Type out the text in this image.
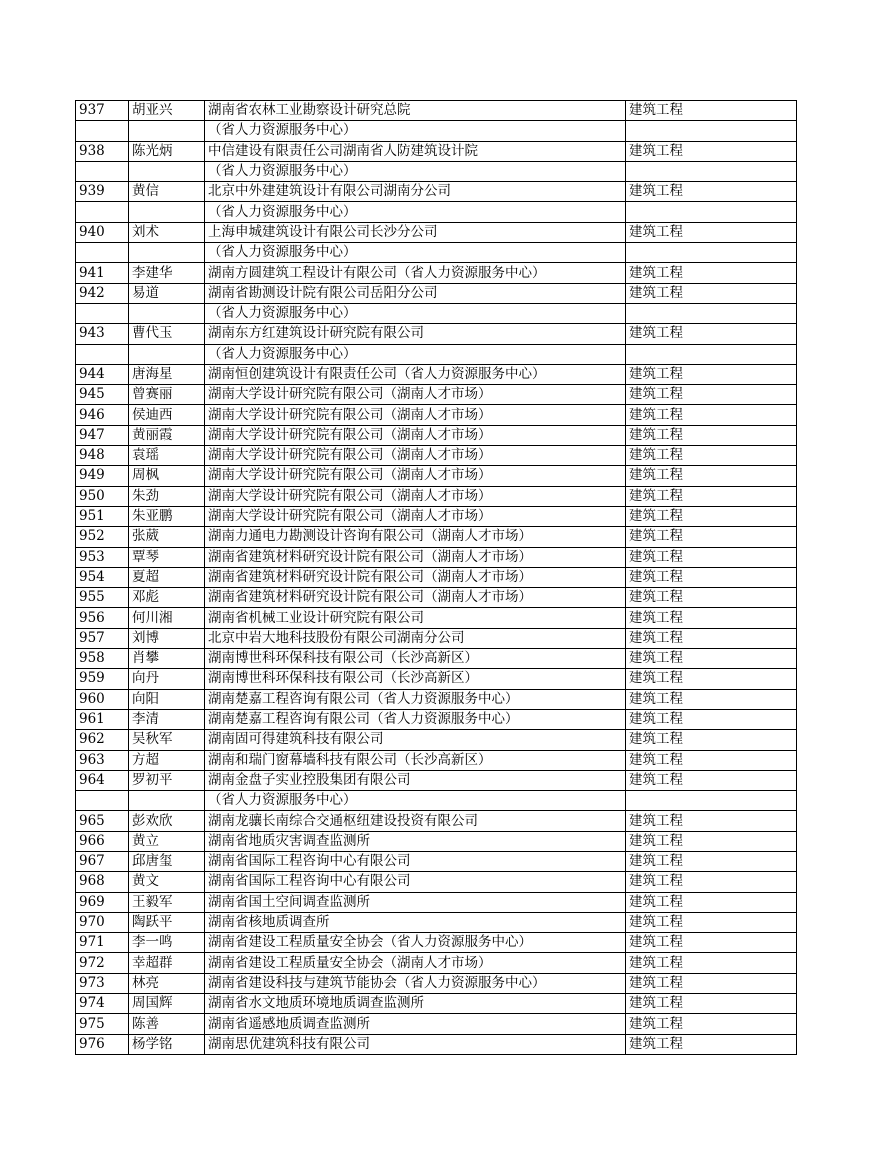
937	胡亚兴	湖南省农林工业勘察设计研究总院	建筑工程
		（省人力资源服务中心）	
938	陈光炳	中信建设有限责任公司湖南省人防建筑设计院	建筑工程
		（省人力资源服务中心）	
939	黄信	北京中外建建筑设计有限公司湖南分公司	建筑工程
		（省人力资源服务中心）	
940	刘术	上海申城建筑设计有限公司长沙分公司	建筑工程
		（省人力资源服务中心）	
941	李建华	湖南方圆建筑工程设计有限公司（省人力资源服务中心）	建筑工程
942	易道	湖南省勘测设计院有限公司岳阳分公司	建筑工程
		（省人力资源服务中心）	
943	曹代玉	湖南东方红建筑设计研究院有限公司	建筑工程
		（省人力资源服务中心）	
944	唐海星	湖南恒创建筑设计有限责任公司（省人力资源服务中心）	建筑工程
945	曾赛丽	湖南大学设计研究院有限公司（湖南人才市场）	建筑工程
946	侯迪西	湖南大学设计研究院有限公司（湖南人才市场）	建筑工程
947	黄丽霞	湖南大学设计研究院有限公司（湖南人才市场）	建筑工程
948	袁瑶	湖南大学设计研究院有限公司（湖南人才市场）	建筑工程
949	周枫	湖南大学设计研究院有限公司（湖南人才市场）	建筑工程
950	朱劲	湖南大学设计研究院有限公司（湖南人才市场）	建筑工程
951	朱亚鹏	湖南大学设计研究院有限公司（湖南人才市场）	建筑工程
952	张葳	湖南力通电力勘测设计咨询有限公司（湖南人才市场）	建筑工程
953	覃琴	湖南省建筑材料研究设计院有限公司（湖南人才市场）	建筑工程
954	夏超	湖南省建筑材料研究设计院有限公司（湖南人才市场）	建筑工程
955	邓彪	湖南省建筑材料研究设计院有限公司（湖南人才市场）	建筑工程
956	何川湘	湖南省机械工业设计研究院有限公司	建筑工程
957	刘博	北京中岩大地科技股份有限公司湖南分公司	建筑工程
958	肖攀	湖南博世科环保科技有限公司（长沙高新区）	建筑工程
959	向丹	湖南博世科环保科技有限公司（长沙高新区）	建筑工程
960	向阳	湖南楚嘉工程咨询有限公司（省人力资源服务中心）	建筑工程
961	李清	湖南楚嘉工程咨询有限公司（省人力资源服务中心）	建筑工程
962	吴秋军	湖南固可得建筑科技有限公司	建筑工程
963	方超	湖南和瑞门窗幕墙科技有限公司（长沙高新区）	建筑工程
964	罗初平	湖南金盘子实业控股集团有限公司	建筑工程
		（省人力资源服务中心）	
965	彭欢欣	湖南龙骧长南综合交通枢纽建设投资有限公司	建筑工程
966	黄立	湖南省地质灾害调查监测所	建筑工程
967	邱唐玺	湖南省国际工程咨询中心有限公司	建筑工程
968	黄文	湖南省国际工程咨询中心有限公司	建筑工程
969	王毅军	湖南省国土空间调查监测所	建筑工程
970	陶跃平	湖南省核地质调查所	建筑工程
971	李一鸣	湖南省建设工程质量安全协会（省人力资源服务中心）	建筑工程
972	幸超群	湖南省建设工程质量安全协会（湖南人才市场）	建筑工程
973	林亮	湖南省建设科技与建筑节能协会（省人力资源服务中心）	建筑工程
974	周国辉	湖南省水文地质环境地质调查监测所	建筑工程
975	陈善	湖南省遥感地质调查监测所	建筑工程
976	杨学铭	湖南思优建筑科技有限公司	建筑工程
